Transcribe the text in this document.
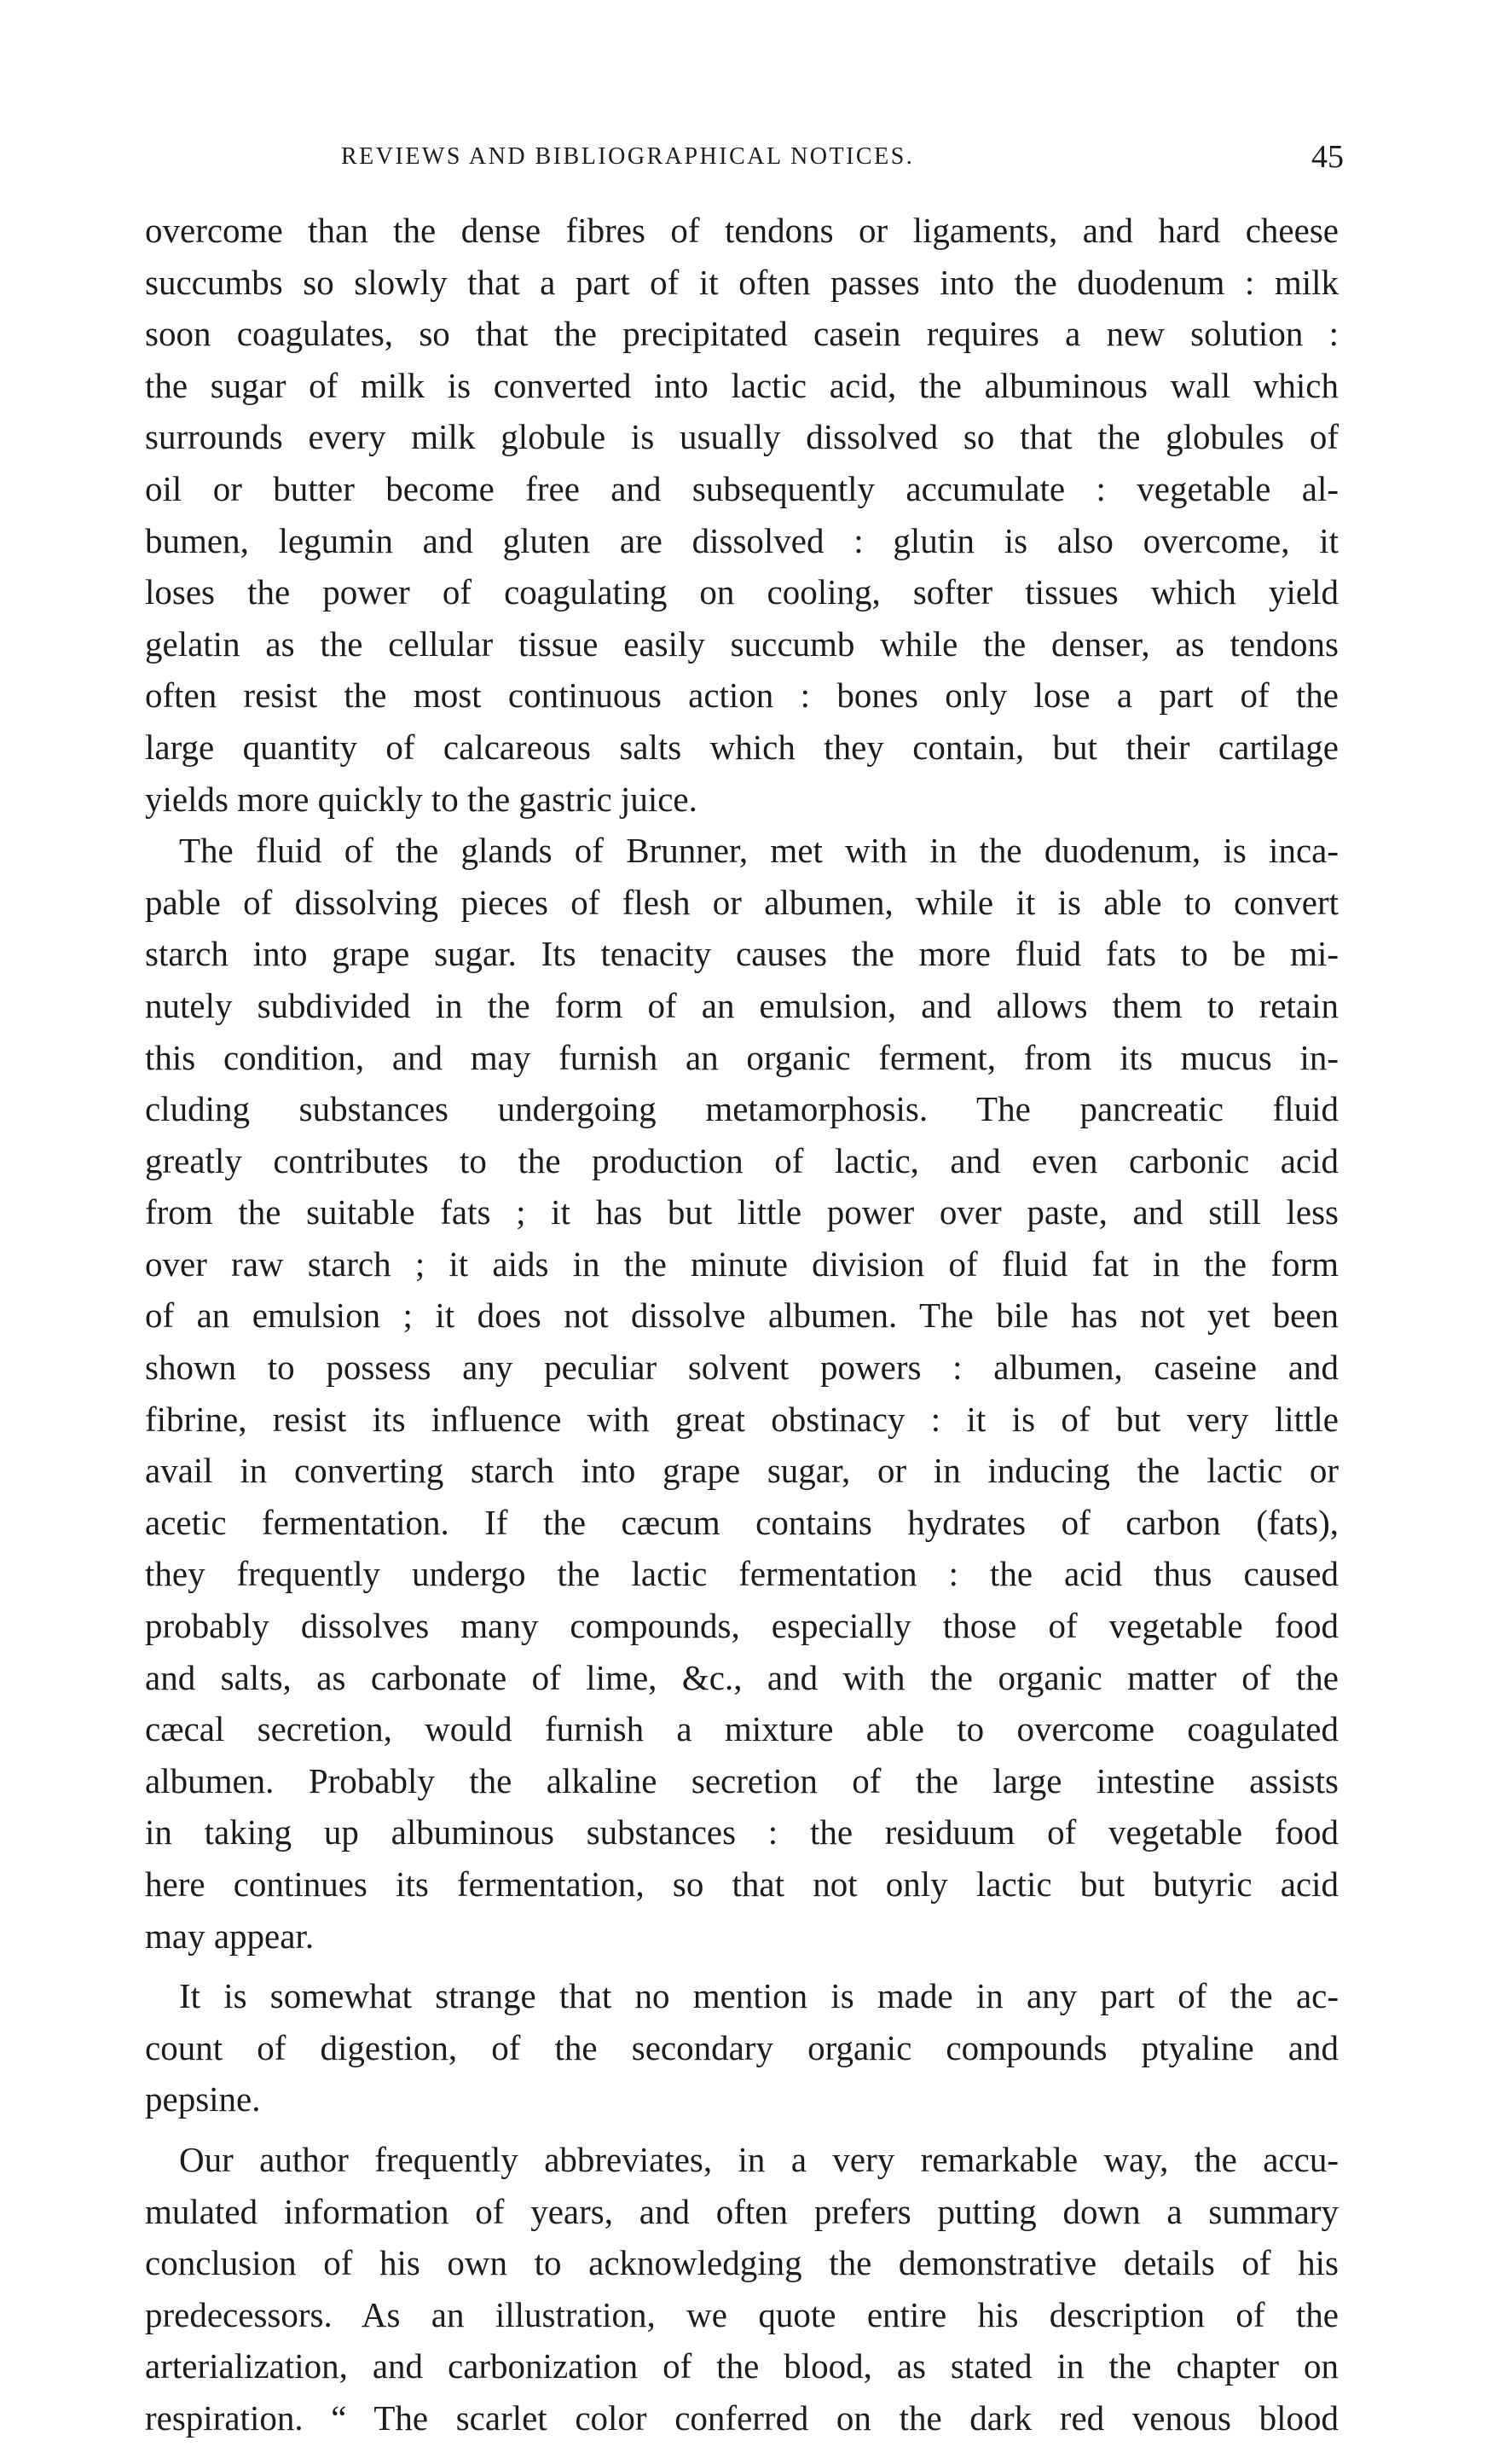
REVIEWS AND BIBLIOGRAPHICAL NOTICES.	45
overcome than the dense fibres of tendons or ligaments, and hard cheese
succumbs so slowly that a part of it often passes into the duodenum : milk
soon coagulates, so that the precipitated casein requires a new solution :
the sugar of milk is converted into lactic acid, the albuminous wall which
surrounds every milk globule is usually dissolved so that the globules of
oil or butter become free and subsequently accumulate : vegetable al-
bumen, legumin and gluten are dissolved : glutin is also overcome, it
loses the power of coagulating on cooling, softer tissues which yield
gelatin as the cellular tissue easily succumb while the denser, as tendons
often resist the most continuous action : bones only lose a part of the
large quantity of calcareous salts which they contain, but their cartilage
yields more quickly to the gastric juice.
The fluid of the glands of Brunner, met with in the duodenum, is inca-
pable of dissolving pieces of flesh or albumen, while it is able to convert
starch into grape sugar. Its tenacity causes the more fluid fats to be mi-
nutely subdivided in the form of an emulsion, and allows them to retain
this condition, and may furnish an organic ferment, from its mucus in-
cluding substances undergoing metamorphosis. The pancreatic fluid
greatly contributes to the production of lactic, and even carbonic acid
from the suitable fats ; it has but little power over paste, and still less
over raw starch ; it aids in the minute division of fluid fat in the form
of an emulsion ; it does not dissolve albumen. The bile has not yet been
shown to possess any peculiar solvent powers : albumen, caseine and
fibrine, resist its influence with great obstinacy : it is of but very little
avail in converting starch into grape sugar, or in inducing the lactic or
acetic fermentation. If the cæcum contains hydrates of carbon (fats),
they frequently undergo the lactic fermentation : the acid thus caused
probably dissolves many compounds, especially those of vegetable food
and salts, as carbonate of lime, &c., and with the organic matter of the
cæcal secretion, would furnish a mixture able to overcome coagulated
albumen. Probably the alkaline secretion of the large intestine assists
in taking up albuminous substances : the residuum of vegetable food
here continues its fermentation, so that not only lactic but butyric acid
may appear.
It is somewhat strange that no mention is made in any part of the ac-
count of digestion, of the secondary organic compounds ptyaline and
pepsine.
Our author frequently abbreviates, in a very remarkable way, the accu-
mulated information of years, and often prefers putting down a summary
conclusion of his own to acknowledging the demonstrative details of his
predecessors. As an illustration, we quote entire his description of the
arterialization, and carbonization of the blood, as stated in the chapter on
respiration. “ The scarlet color conferred on the dark red venous blood
